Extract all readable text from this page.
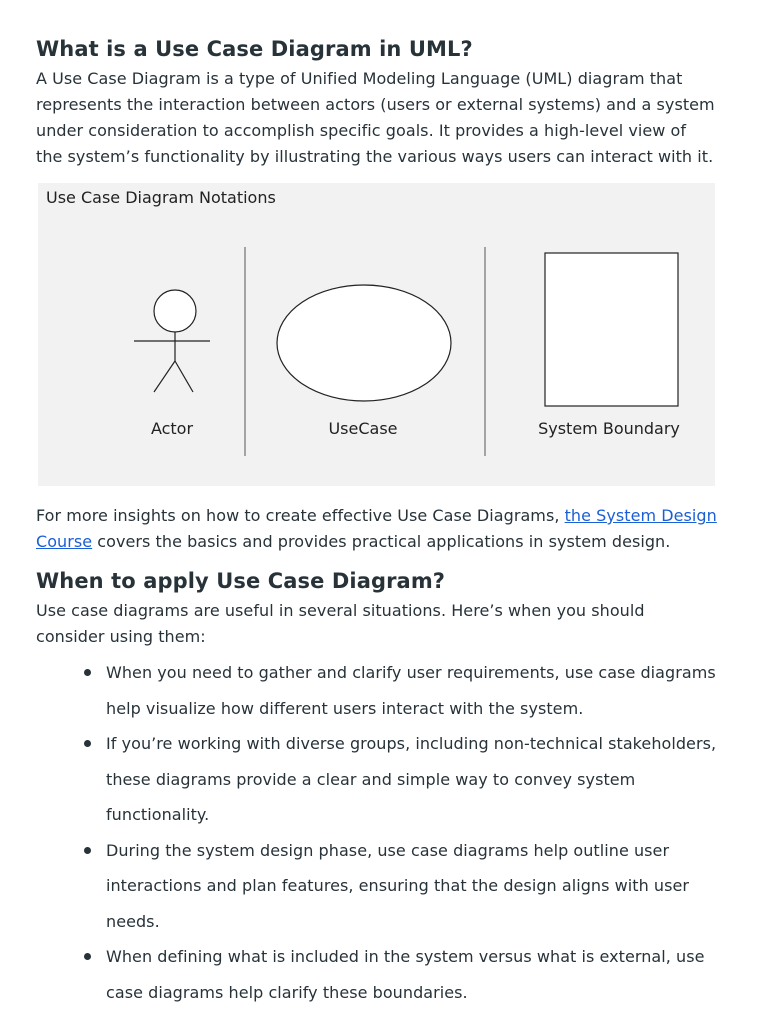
What is a Use Case Diagram in UML?

A Use Case Diagram is a type of Unified Modeling Language (UML) diagram that represents the interaction between actors (users or external systems) and a system under consideration to accomplish specific goals. It provides a high-level view of the system’s functionality by illustrating the various ways users can interact with it.

Use Case Diagram Notations
Actor	UseCase	System Boundary

For more insights on how to create effective Use Case Diagrams, the System Design Course covers the basics and provides practical applications in system design.

When to apply Use Case Diagram?

Use case diagrams are useful in several situations. Here’s when you should consider using them:

When you need to gather and clarify user requirements, use case diagrams help visualize how different users interact with the system.
If you’re working with diverse groups, including non-technical stakeholders, these diagrams provide a clear and simple way to convey system functionality.
During the system design phase, use case diagrams help outline user interactions and plan features, ensuring that the design aligns with user needs.
When defining what is included in the system versus what is external, use case diagrams help clarify these boundaries.
